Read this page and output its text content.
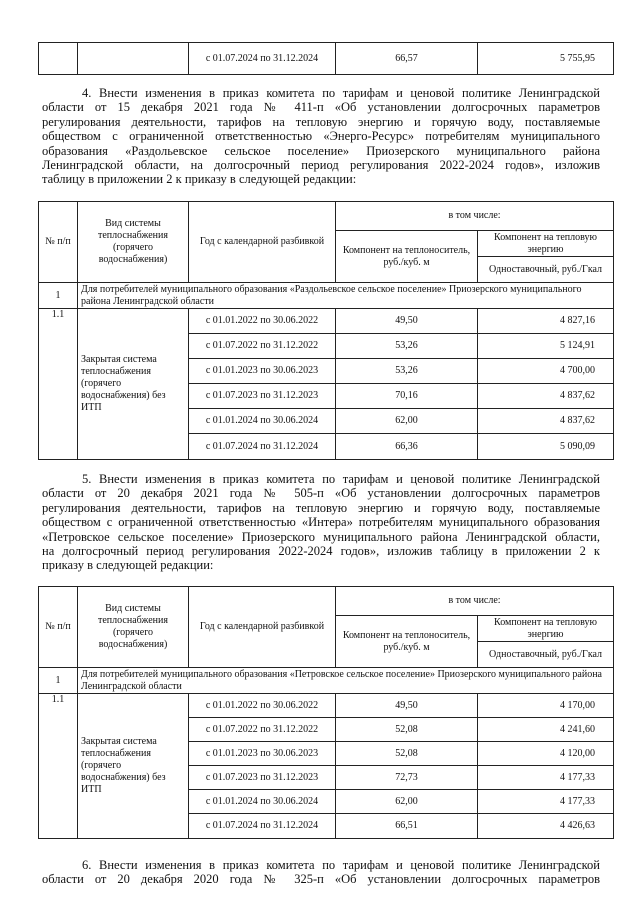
		с 01.07.2024 по 31.12.2024	66,57	5 755,95
4. Внести изменения в приказ комитета по тарифам и ценовой политике Ленинградской
области от 15 декабря 2021 года № 411-п «Об установлении долгосрочных параметров
регулирования деятельности, тарифов на тепловую энергию и горячую воду, поставляемые
обществом с ограниченной ответственностью «Энерго-Ресурс» потребителям муниципального
образования «Раздольевское сельское поселение» Приозерского муниципального района
Ленинградской области, на долгосрочный период регулирования 2022-2024 годов», изложив
таблицу в приложении 2 к приказу в следующей редакции:
№ п/п	Вид системы теплоснабжения (горячего водоснабжения)	Год с календарной разбивкой	в том числе:	
			Компонент на теплоноситель, руб./куб. м	Компонент на тепловую энергию
				Одноставочный, руб./Гкал
1	Для потребителей муниципального образования «Раздольевское сельское поселение» Приозерского муниципального района Ленинградской области			
1.1	Закрытая система теплоснабжения (горячего водоснабжения) без ИТП	с 01.01.2022 по 30.06.2022	49,50	4 827,16
		с 01.07.2022 по 31.12.2022	53,26	5 124,91
		с 01.01.2023 по 30.06.2023	53,26	4 700,00
		с 01.07.2023 по 31.12.2023	70,16	4 837,62
		с 01.01.2024 по 30.06.2024	62,00	4 837,62
		с 01.07.2024 по 31.12.2024	66,36	5 090,09
5. Внести изменения в приказ комитета по тарифам и ценовой политике Ленинградской
области от 20 декабря 2021 года № 505-п «Об установлении долгосрочных параметров
регулирования деятельности, тарифов на тепловую энергию и горячую воду, поставляемые
обществом с ограниченной ответственностью «Интера» потребителям муниципального образования
«Петровское сельское поселение» Приозерского муниципального района Ленинградской области,
на долгосрочный период регулирования 2022-2024 годов», изложив таблицу в приложении 2 к
приказу в следующей редакции:
№ п/п	Вид системы теплоснабжения (горячего водоснабжения)	Год с календарной разбивкой	в том числе:	
			Компонент на теплоноситель, руб./куб. м	Компонент на тепловую энергию
				Одноставочный, руб./Гкал
1	Для потребителей муниципального образования «Петровское сельское поселение» Приозерского муниципального района Ленинградской области			
1.1	Закрытая система теплоснабжения (горячего водоснабжения) без ИТП	с 01.01.2022 по 30.06.2022	49,50	4 170,00
		с 01.07.2022 по 31.12.2022	52,08	4 241,60
		с 01.01.2023 по 30.06.2023	52,08	4 120,00
		с 01.07.2023 по 31.12.2023	72,73	4 177,33
		с 01.01.2024 по 30.06.2024	62,00	4 177,33
		с 01.07.2024 по 31.12.2024	66,51	4 426,63
6. Внести изменения в приказ комитета по тарифам и ценовой политике Ленинградской
области от 20 декабря 2020 года № 325-п «Об установлении долгосрочных параметров
